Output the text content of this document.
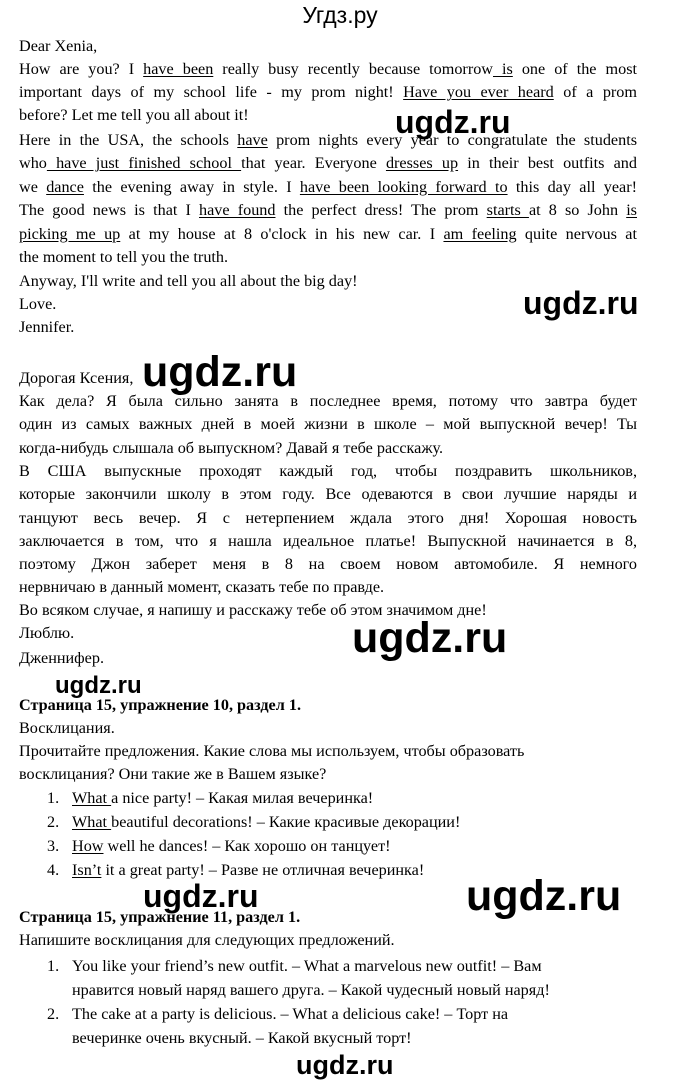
Угдз.ру
Dear Xenia,
How are you? I have been really busy recently because tomorrow is one of the most
important days of my school life - my prom night! Have you ever heard of a prom
before? Let me tell you all about it!
Here in the USA, the schools have prom nights every year to congratulate the students
who have just finished school that year. Everyone dresses up in their best outfits and
we dance the evening away in style. I have been looking forward to this day all year!
The good news is that I have found the perfect dress! The prom starts at 8 so John is
picking me up at my house at 8 o'clock in his new car. I am feeling quite nervous at
the moment to tell you the truth.
Anyway, I'll write and tell you all about the big day!
Love.
Jennifer.
Дорогая Ксения,
Как дела? Я была сильно занята в последнее время, потому что завтра будет
один из самых важных дней в моей жизни в школе – мой выпускной вечер! Ты
когда-нибудь слышала об выпускном? Давай я тебе расскажу.
В США выпускные проходят каждый год, чтобы поздравить школьников,
которые закончили школу в этом году. Все одеваются в свои лучшие наряды и
танцуют весь вечер. Я с нетерпением ждала этого дня! Хорошая новость
заключается в том, что я нашла идеальное платье! Выпускной начинается в 8,
поэтому Джон заберет меня в 8 на своем новом автомобиле. Я немного
нервничаю в данный момент, сказать тебе по правде.
Во всяком случае, я напишу и расскажу тебе об этом значимом дне!
Люблю.
Дженнифер.
Страница 15, упражнение 10, раздел 1.
Восклицания.
Прочитайте предложения. Какие слова мы используем, чтобы образовать
восклицания? Они такие же в Вашем языке?
1. What a nice party! – Какая милая вечеринка!
2. What beautiful decorations! – Какие красивые декорации!
3. How well he dances! – Как хорошо он танцует!
4. Isn’t it a great party! – Разве не отличная вечеринка!
Страница 15, упражнение 11, раздел 1.
Напишите восклицания для следующих предложений.
1. You like your friend’s new outfit. – What a marvelous new outfit! – Вам
нравится новый наряд вашего друга. – Какой чудесный новый наряд!
2. The cake at a party is delicious. – What a delicious cake! – Торт на
вечеринке очень вкусный. – Какой вкусный торт!
ugdz.ru
ugdz.ru
ugdz.ru
ugdz.ru
ugdz.ru
ugdz.ru	ugdz.ru
ugdz.ru
